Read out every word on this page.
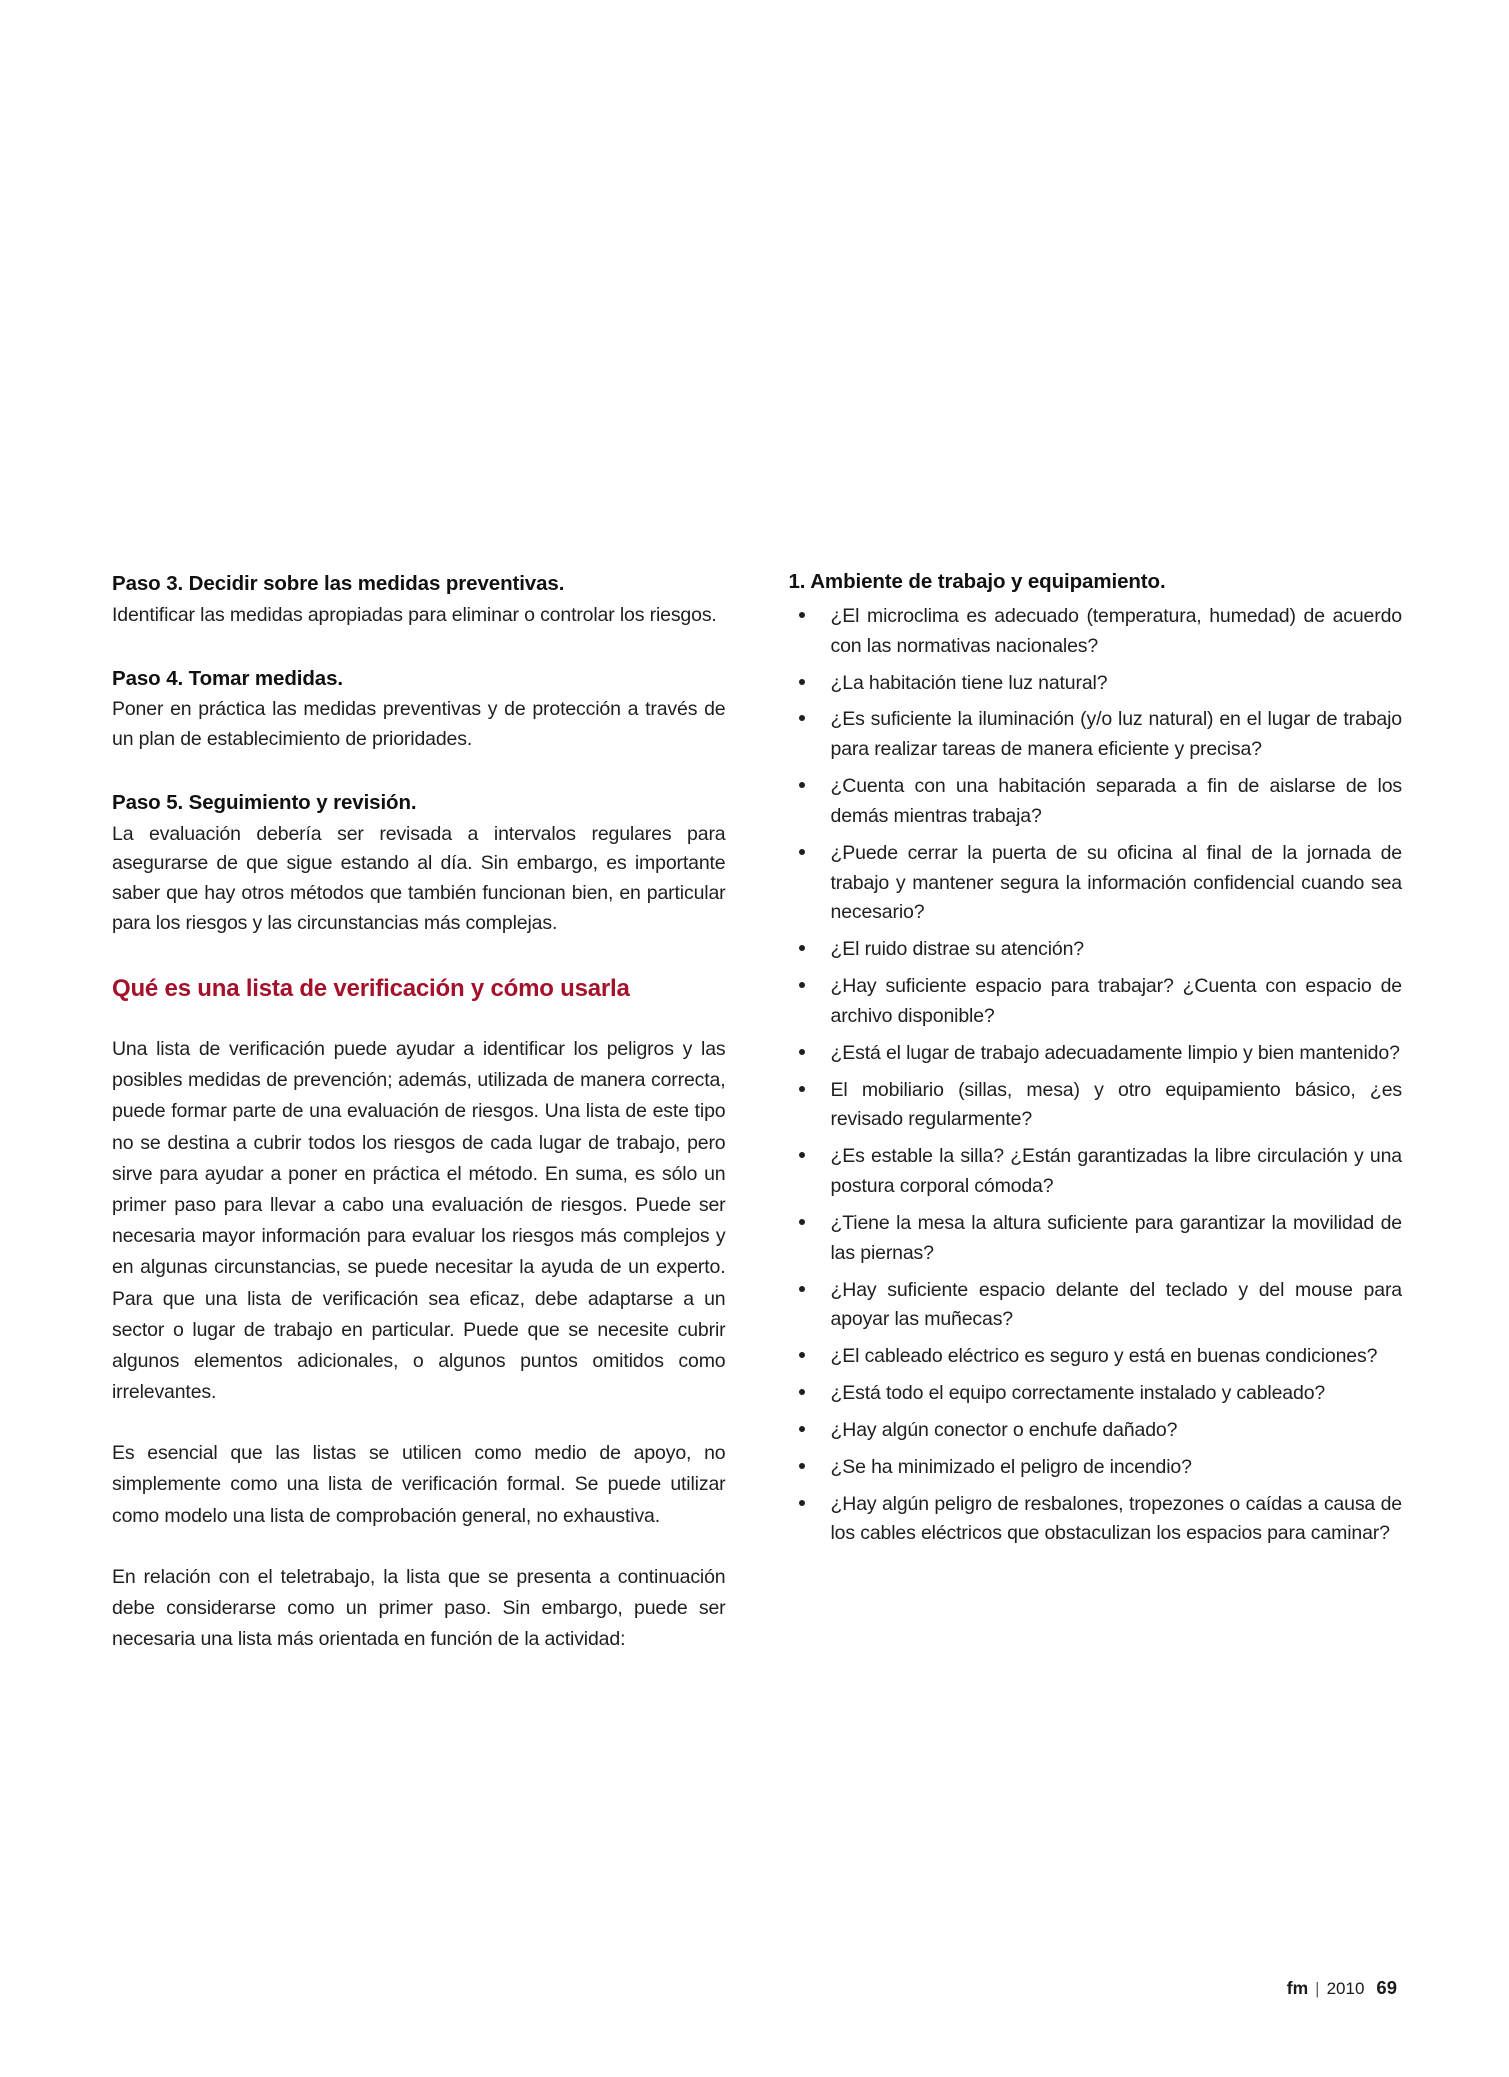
Paso 3. Decidir sobre las medidas preventivas.

Identificar las medidas apropiadas para eliminar o controlar los riesgos.

Paso 4. Tomar medidas.

Poner en práctica las medidas preventivas y de protección a través de un plan de establecimiento de prioridades.

Paso 5. Seguimiento y revisión.

La evaluación debería ser revisada a intervalos regulares para asegurarse de que sigue estando al día. Sin embargo, es importante saber que hay otros métodos que también funcionan bien, en particular para los riesgos y las circunstancias más complejas.

Qué es una lista de verificación y cómo usarla

Una lista de verificación puede ayudar a identificar los peligros y las posibles medidas de prevención; además, utilizada de manera correcta, puede formar parte de una evaluación de riesgos. Una lista de este tipo no se destina a cubrir todos los riesgos de cada lugar de trabajo, pero sirve para ayudar a poner en práctica el método. En suma, es sólo un primer paso para llevar a cabo una evaluación de riesgos. Puede ser necesaria mayor información para evaluar los riesgos más complejos y en algunas circunstancias, se puede necesitar la ayuda de un experto. Para que una lista de verificación sea eficaz, debe adaptarse a un sector o lugar de trabajo en particular. Puede que se necesite cubrir algunos elementos adicionales, o algunos puntos omitidos como irrelevantes.

Es esencial que las listas se utilicen como medio de apoyo, no simplemente como una lista de verificación formal. Se puede utilizar como modelo una lista de comprobación general, no exhaustiva.

En relación con el teletrabajo, la lista que se presenta a continuación debe considerarse como un primer paso. Sin embargo, puede ser necesaria una lista más orientada en función de la actividad:

1. Ambiente de trabajo y equipamiento.
¿El microclima es adecuado (temperatura, humedad) de acuerdo con las normativas nacionales?
¿La habitación tiene luz natural?
¿Es suficiente la iluminación (y/o luz natural) en el lugar de trabajo para realizar tareas de manera eficiente y precisa?
¿Cuenta con una habitación separada a fin de aislarse de los demás mientras trabaja?
¿Puede cerrar la puerta de su oficina al final de la jornada de trabajo y mantener segura la información confidencial cuando sea necesario?
¿El ruido distrae su atención?
¿Hay suficiente espacio para trabajar? ¿Cuenta con espacio de archivo disponible?
¿Está el lugar de trabajo adecuadamente limpio y bien mantenido?
El mobiliario (sillas, mesa) y otro equipamiento básico, ¿es revisado regularmente?
¿Es estable la silla? ¿Están garantizadas la libre circulación y una postura corporal cómoda?
¿Tiene la mesa la altura suficiente para garantizar la movilidad de las piernas?
¿Hay suficiente espacio delante del teclado y del mouse para apoyar las muñecas?
¿El cableado eléctrico es seguro y está en buenas condiciones?
¿Está todo el equipo correctamente instalado y cableado?
¿Hay algún conector o enchufe dañado?
¿Se ha minimizado el peligro de incendio?
¿Hay algún peligro de resbalones, tropezones o caídas a causa de los cables eléctricos que obstaculizan los espacios para caminar?
fm | 2010 69
